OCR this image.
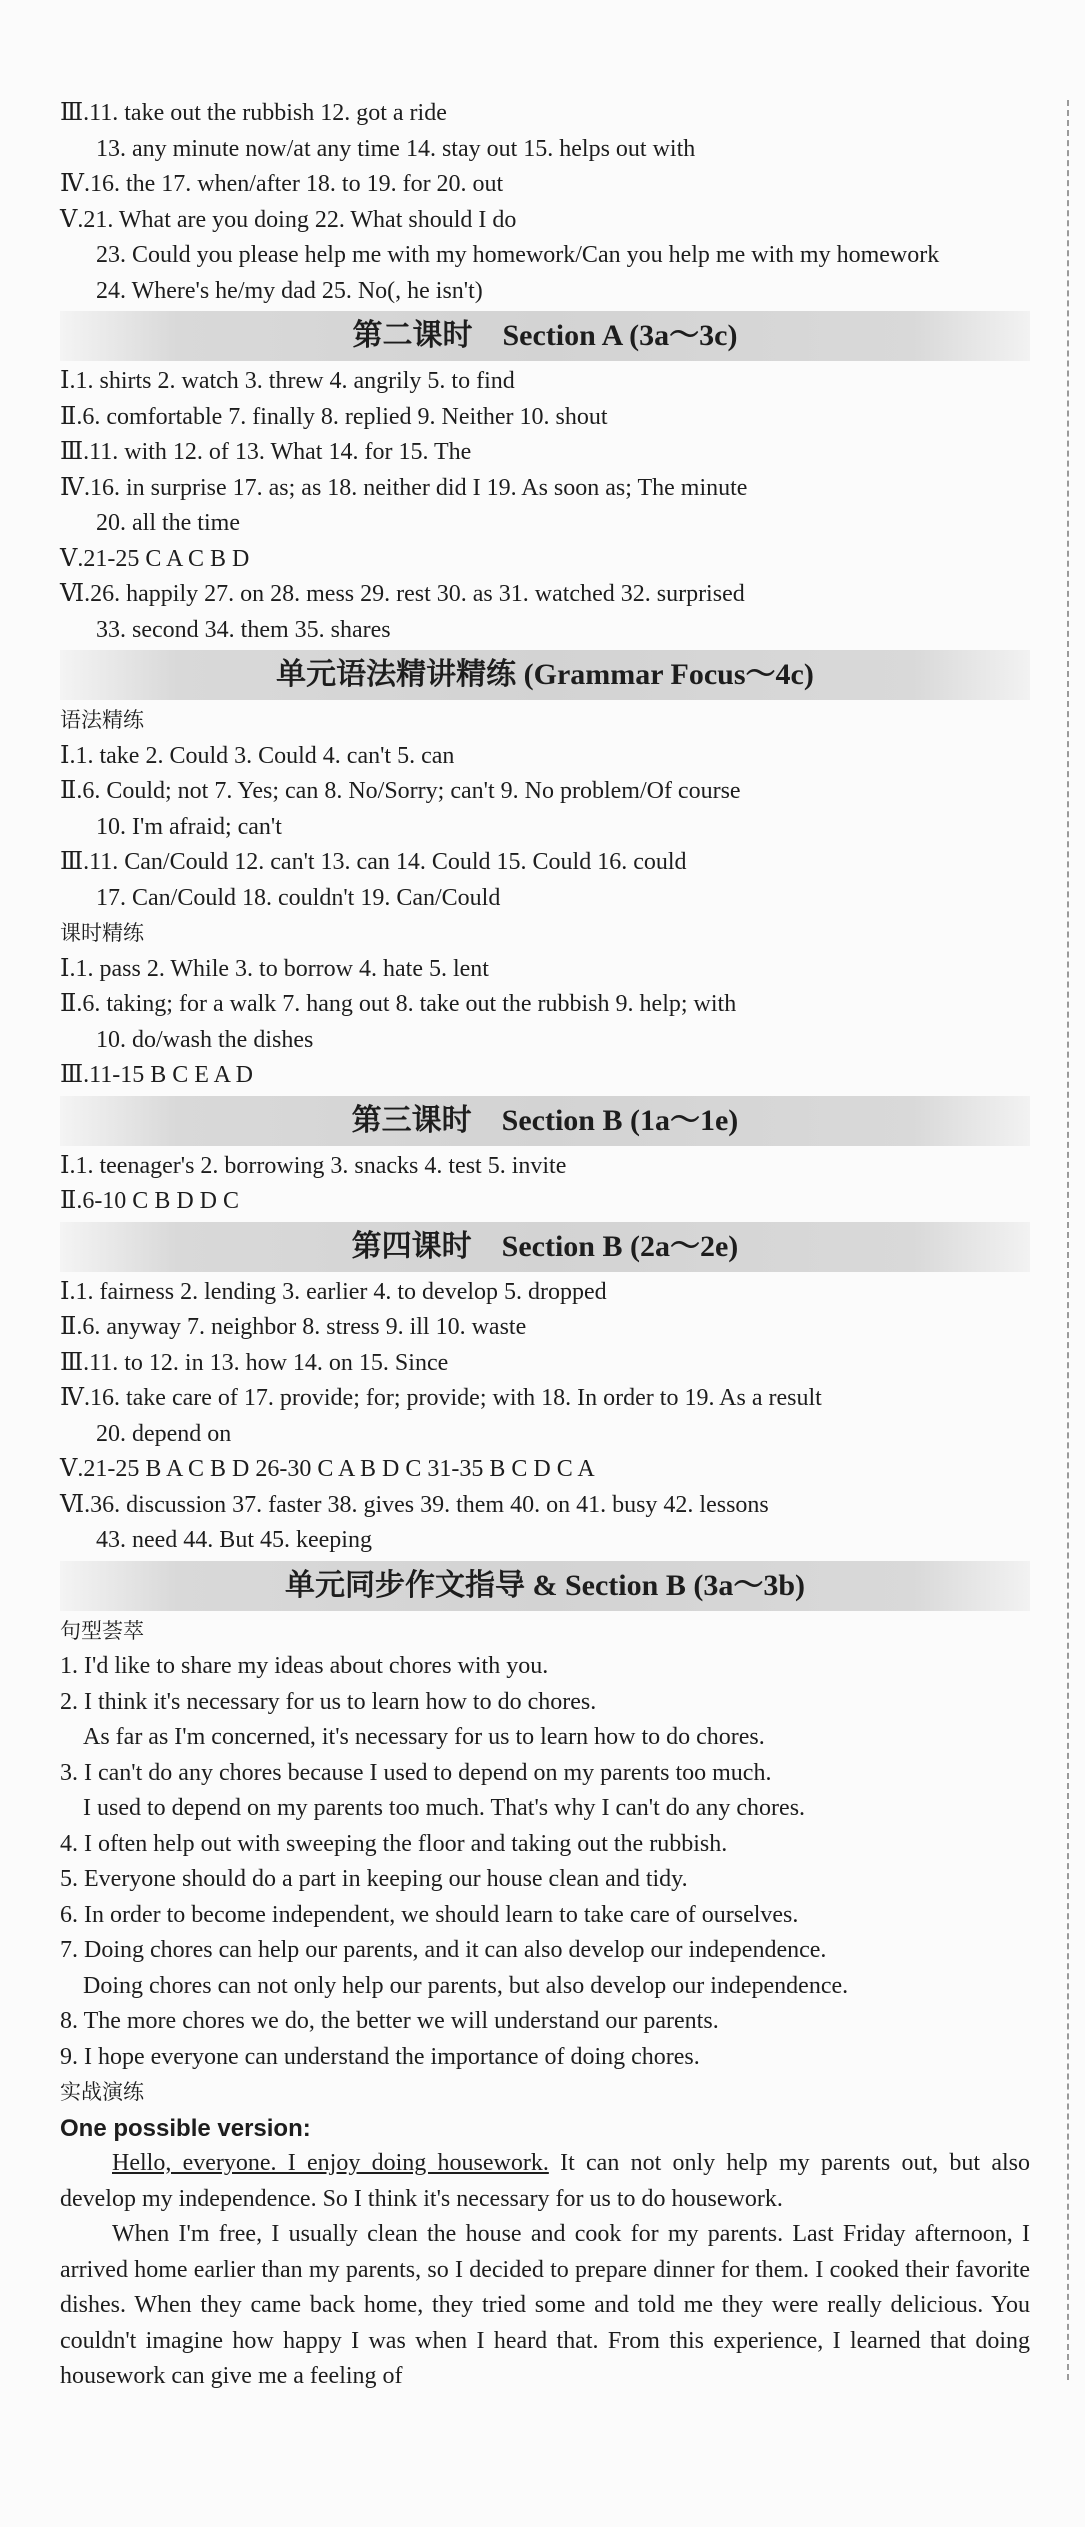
Ⅲ.11. take out the rubbish 12. got a ride
13. any minute now/at any time 14. stay out 15. helps out with
Ⅳ.16. the 17. when/after 18. to 19. for 20. out
Ⅴ.21. What are you doing 22. What should I do
23. Could you please help me with my homework/Can you help me with my homework
24. Where's he/my dad 25. No(, he isn't)
第二课时　Section A (3a～3c)
Ⅰ.1. shirts 2. watch 3. threw 4. angrily 5. to find
Ⅱ.6. comfortable 7. finally 8. replied 9. Neither 10. shout
Ⅲ.11. with 12. of 13. What 14. for 15. The
Ⅳ.16. in surprise 17. as; as 18. neither did I 19. As soon as; The minute
20. all the time
Ⅴ.21-25 C A C B D
Ⅵ.26. happily 27. on 28. mess 29. rest 30. as 31. watched 32. surprised
33. second 34. them 35. shares
单元语法精讲精练 (Grammar Focus～4c)
语法精练
Ⅰ.1. take 2. Could 3. Could 4. can't 5. can
Ⅱ.6. Could; not 7. Yes; can 8. No/Sorry; can't 9. No problem/Of course
10. I'm afraid; can't
Ⅲ.11. Can/Could 12. can't 13. can 14. Could 15. Could 16. could
17. Can/Could 18. couldn't 19. Can/Could
课时精练
Ⅰ.1. pass 2. While 3. to borrow 4. hate 5. lent
Ⅱ.6. taking; for a walk 7. hang out 8. take out the rubbish 9. help; with
10. do/wash the dishes
Ⅲ.11-15 B C E A D
第三课时　Section B (1a～1e)
Ⅰ.1. teenager's 2. borrowing 3. snacks 4. test 5. invite
Ⅱ.6-10 C B D D C
第四课时　Section B (2a～2e)
Ⅰ.1. fairness 2. lending 3. earlier 4. to develop 5. dropped
Ⅱ.6. anyway 7. neighbor 8. stress 9. ill 10. waste
Ⅲ.11. to 12. in 13. how 14. on 15. Since
Ⅳ.16. take care of 17. provide; for; provide; with 18. In order to 19. As a result
20. depend on
Ⅴ.21-25 B A C B D 26-30 C A B D C 31-35 B C D C A
Ⅵ.36. discussion 37. faster 38. gives 39. them 40. on 41. busy 42. lessons
43. need 44. But 45. keeping
单元同步作文指导 & Section B (3a～3b)
句型荟萃
1. I'd like to share my ideas about chores with you.
2. I think it's necessary for us to learn how to do chores.
As far as I'm concerned, it's necessary for us to learn how to do chores.
3. I can't do any chores because I used to depend on my parents too much.
I used to depend on my parents too much. That's why I can't do any chores.
4. I often help out with sweeping the floor and taking out the rubbish.
5. Everyone should do a part in keeping our house clean and tidy.
6. In order to become independent, we should learn to take care of ourselves.
7. Doing chores can help our parents, and it can also develop our independence.
Doing chores can not only help our parents, but also develop our independence.
8. The more chores we do, the better we will understand our parents.
9. I hope everyone can understand the importance of doing chores.
实战演练
One possible version:

Hello, everyone. I enjoy doing housework. It can not only help my parents out, but also develop my independence. So I think it's necessary for us to do housework.

When I'm free, I usually clean the house and cook for my parents. Last Friday afternoon, I arrived home earlier than my parents, so I decided to prepare dinner for them. I cooked their favorite dishes. When they came back home, they tried some and told me they were really delicious. You couldn't imagine how happy I was when I heard that. From this experience, I learned that doing housework can give me a feeling of
